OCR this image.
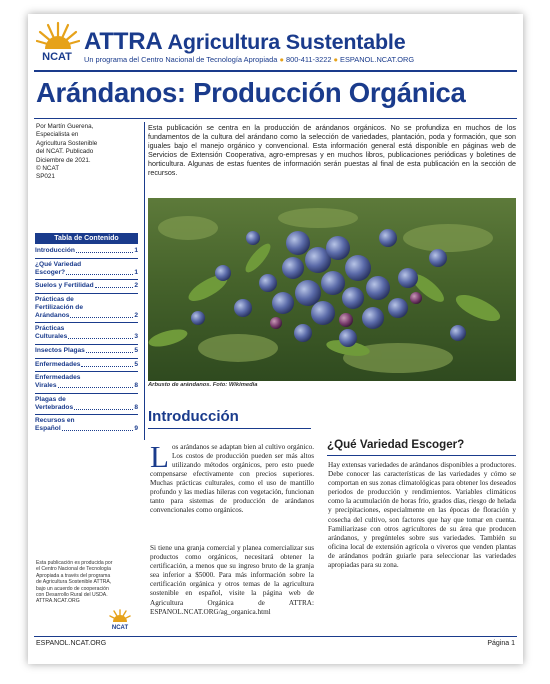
NCAT
ATTRA Agricultura Sustentable
Un programa del Centro Nacional de Tecnología Apropiada ● 800-411-3222 ● ESPANOL.NCAT.ORG
Arándanos: Producción Orgánica
Por Martín Guerena,
Especialista en
Agricultura Sostenible
del NCAT. Publicado
Diciembre de 2021.
© NCAT
SP021
Tabla de Contenido
Introducción	1
¿Qué Variedad
Escoger?	1
Suelos y Fertilidad	2
Prácticas de
Fertilización de
Arándanos	2
Prácticas
Culturales	3
Insectos Plagas	5
Enfermedades	5
Enfermedades
Virales	8
Plagas de
Vertebrados	8
Recursos en
Español	9
Esta publicación se centra en la producción de arándanos orgánicos. No se profundiza en muchos de los fundamentos de la cultura del arándano como la selección de variedades, plantación, poda y formación, que son iguales bajo el manejo orgánico y convencional. Esta información general está disponible en páginas web de Servicios de Extensión Cooperativa, agro-empresas y en muchos libros, publicaciones periódicas y boletines de horticultura. Algunas de estas fuentes de información serán puestas al final de esta publicación en la sección de recursos.
Arbusto de arándanos. Foto: Wikimedia
Introducción
Los arándanos se adaptan bien al cultivo orgánico. Los costos de producción pueden ser más altos utilizando métodos orgánicos, pero esto puede compensarse efectivamente con precios superiores. Muchas prácticas culturales, como el uso de mantillo profundo y las medias hileras con vegetación, funcionan tanto para sistemas de producción de arándanos convencionales como orgánicos.
Si tiene una granja comercial y planea comercializar sus productos como orgánicos, necesitará obtener la certificación, a menos que su ingreso bruto de la granja sea inferior a $5000. Para más información sobre la certificación orgánica y otros temas de la agricultura sostenible en español, visite la página web de Agricultura Orgánica de ATTRA: ESPANOL.NCAT.ORG/ag_organica.html
¿Qué Variedad Escoger?
Hay extensas variedades de arándanos disponibles a productores. Debe conocer las características de las variedades y cómo se comportan en sus zonas climatológicas para obtener los deseados periodos de producción y rendimientos. Variables climáticos como la acumulación de horas frío, grados días, riesgo de helada y precipitaciones, especialmente en las épocas de floración y cosecha del cultivo, son factores que hay que tomar en cuenta. Familiarizase con otros agricultores de su área que producen arándanos, y pregúnteles sobre sus variedades. También su oficina local de extensión agrícola o viveros que venden plantas de arándanos podrán guiarle para seleccionar las variedades apropiadas para su zona.
Esta publicación es producida por el Centro Nacional de Tecnología Apropiada a través del programa de Agricultura Sostenible ATTRA, bajo un acuerdo de cooperación con Desarrollo Rural del USDA. ATTRA.NCAT.ORG
NCAT
ESPANOL.NCAT.ORG	Página 1
